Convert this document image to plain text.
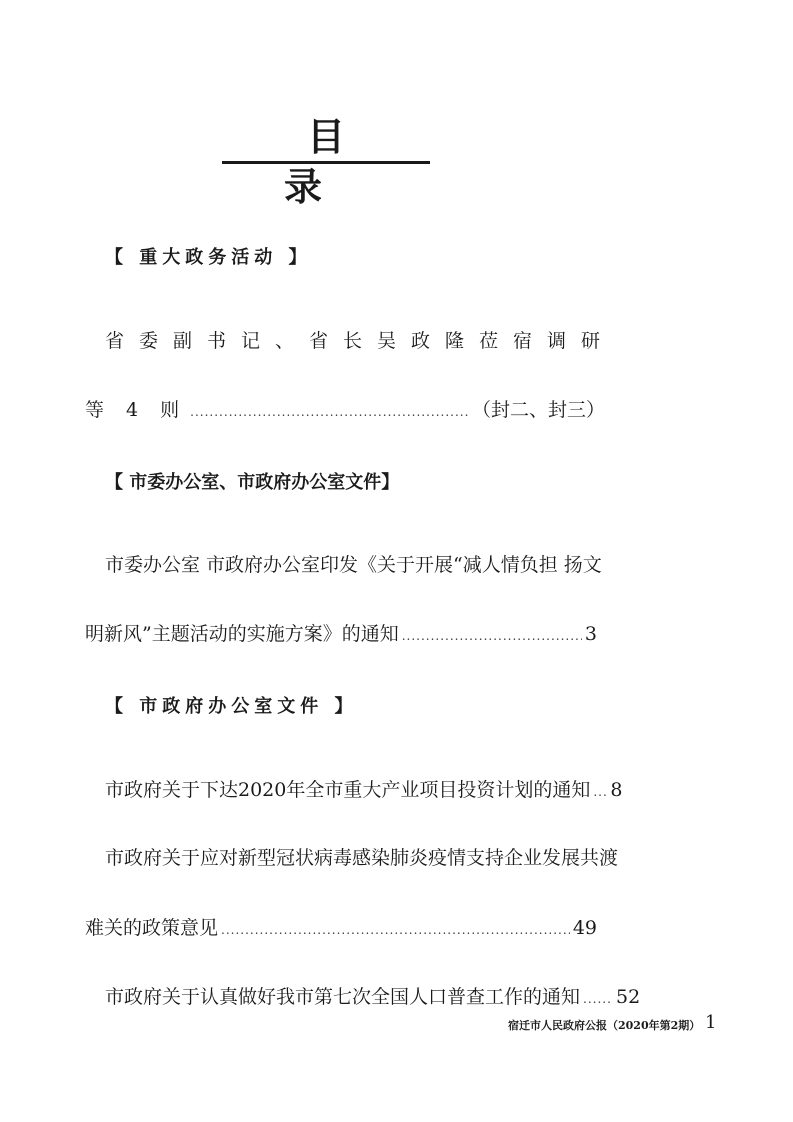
目录
【 重大政务活动 】
省委副书记、省长吴政隆莅宿调研
等 4 则 .....	（封二、封三）
【 市委办公室、市政府办公室文件】
市委办公室 市政府办公室印发《关于开展“减人情负担 扬文
明新风”主题活动的实施方案》的通知 .....	3
【 市政府办公室文件 】
市政府关于下达2020年全市重大产业项目投资计划的通知 ..... 8
市政府关于应对新型冠状病毒感染肺炎疫情支持企业发展共渡
难关的政策意见 .....	49
市政府关于认真做好我市第七次全国人口普查工作的通知 ..... 52
宿迁市人民政府公报（2020年第2期） 1
